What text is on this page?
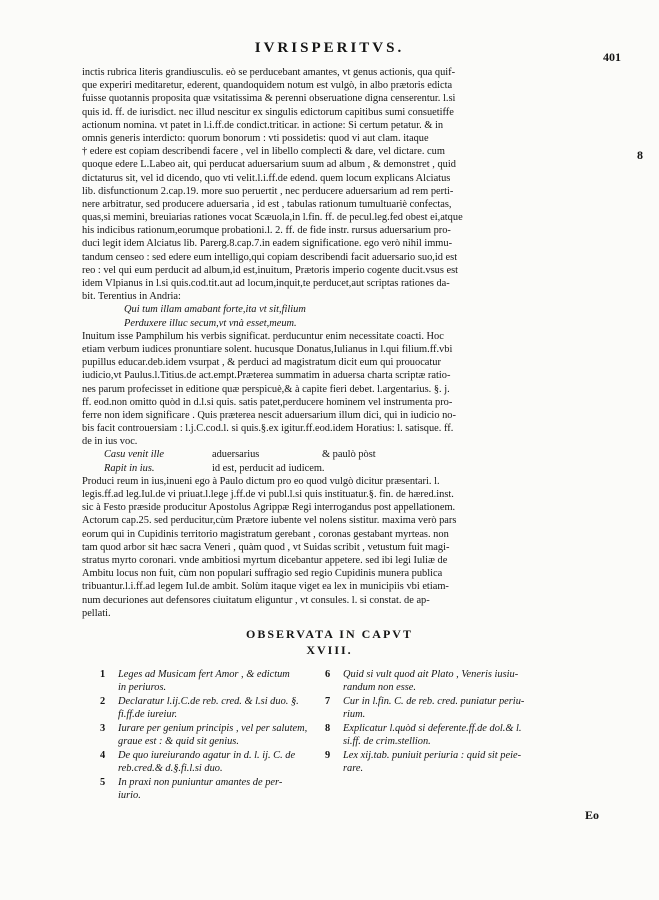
IVRISPERITVS.
401
8
inctis rubrica literis grandiusculis. eò se perducebant amantes, vt genus actionis, qua quif-
que experiri meditaretur, ederent, quandoquidem notum est vulgò, in albo prætoris edicta
fuisse quotannis proposita quæ vsitatissima & perenni obseruatione digna censerentur. l.si
quis id. ff. de iurisdict. nec illud nescitur ex singulis edictorum capitibus sumi consuetiffe
actionum nomina. vt patet in l.i.ff.de condict.triticar. in actione: Si certum petatur. & in
omnis generis interdicto: quorum bonorum : vti possidetis: quod vi aut clam. itaque
† edere est copiam describendi facere , vel in libello complecti & dare, vel dictare. cum
quoque edere L.Labeo ait, qui perducat aduersarium suum ad album , & demonstret , quid
dictaturus sit, vel id dicendo, quo vti velit.l.i.ff.de edend. quem locum explicans Alciatus
lib. disfunctionum 2.cap.19. more suo peruertit , nec perducere aduersarium ad rem perti-
nere arbitratur, sed producere aduersaria , id est , tabulas rationum tumultuariè confectas,
quas,si memini, breuiarias rationes vocat Scæuola,in l.fin. ff. de pecul.leg.fed obest ei,atque
his indicibus rationum,eorumque probationi.l. 2. ff. de fide instr. rursus aduersarium pro-
duci legit idem Alciatus lib. Parerg.8.cap.7.in eadem significatione. ego verò nihil immu-
tandum censeo : sed edere eum intelligo,qui copiam describendi facit aduersario suo,id est
reo : vel qui eum perducit ad album,id est,inuitum, Prætoris imperio cogente ducit.vsus est
idem Vlpianus in l.si quis.cod.tit.aut ad locum,inquit,te perducet,aut scriptas rationes da-
bit. Terentius in Andria:
Qui tum illam amabant forte,ita vt sit,filium
Perduxere illuc secum,vt vnà esset,meum.
Inuitum isse Pamphilum his verbis significat. perducuntur enim necessitate coacti. Hoc
etiam verbum iudices pronuntiare solent. hucusque Donatus,Iulianus in l.qui filium.ff.vbi
pupillus educar.deb.idem vsurpat , & perduci ad magistratum dicit eum qui prouocatur
iudicio,vt Paulus.l.Titius.de act.empt.Præterea summatim in aduersa charta scriptæ ratio-
nes parum profecisset in editione quæ perspicuè,& à capite fieri debet. l.argentarius. §. j.
ff. eod.non omitto quòd in d.l.si quis. satis patet,perducere hominem vel instrumenta pro-
ferre non idem significare . Quis præterea nescit aduersarium illum dici, qui in iudicio no-
bis facit controuersiam : l.j.C.cod.l. si quis.§.ex igitur.ff.eod.idem Horatius: l. satisque. ff.
de in ius voc.
Casu venit ille	aduersarius	& paulò pòst
Rapit in ius.	id est, perducit ad iudicem.
Produci reum in ius,inueni ego à Paulo dictum pro eo quod vulgò dicitur præsentari. l.
legis.ff.ad leg.Iul.de vi priuat.l.lege j.ff.de vi publ.l.si quis instituatur.§. fin. de hæred.inst.
sic à Festo præside producitur Apostolus Agrippæ Regi interrogandus post appellationem.
Actorum cap.25. sed perducitur,cùm Prætore iubente vel nolens sistitur. maxima verò pars
eorum qui in Cupidinis territorio magistratum gerebant , coronas gestabant myrteas. non
tam quod arbor sit hæc sacra Veneri , quàm quod , vt Suidas scribit , vetustum fuit magi-
stratus myrto coronari. vnde ambitiosi myrtum dicebantur appetere. sed ibi legi Iuliæ de
Ambitu locus non fuit, cùm non populari suffragio sed regio Cupidinis munera publica
tribuantur.l.i.ff.ad legem Iul.de ambit. Solùm itaque viget ea lex in municipiis vbi etiam-
num decuriones aut defensores ciuitatum eliguntur , vt consules. l. si constat. de ap-
pellati.
OBSERVATA IN CAPVT
XVIII.
1 Leges ad Musicam fert Amor , & edictum
in periuros.
2 Declaratur l.ij.C.de reb. cred. & l.si duo. §.
fi.ff.de iureiur.
3 Iurare per genium principis , vel per salutem,
graue est : & quid sit genius.
4 De quo iureiurando agatur in d. l. ij. C. de
reb.cred.& d.§.fi.l.si duo.
5 In praxi non puniuntur amantes de per-
iurio.
6 Quid si vult quod ait Plato , Veneris iusiu-
randum non esse.
7 Cur in l.fin. C. de reb. cred. puniatur periu-
rium.
8 Explicatur l.quòd si deferente.ff.de dol.& l.
si.ff. de crim.stellion.
9 Lex xij.tab. puniuit periuria : quid sit peie-
rare.
Eo
